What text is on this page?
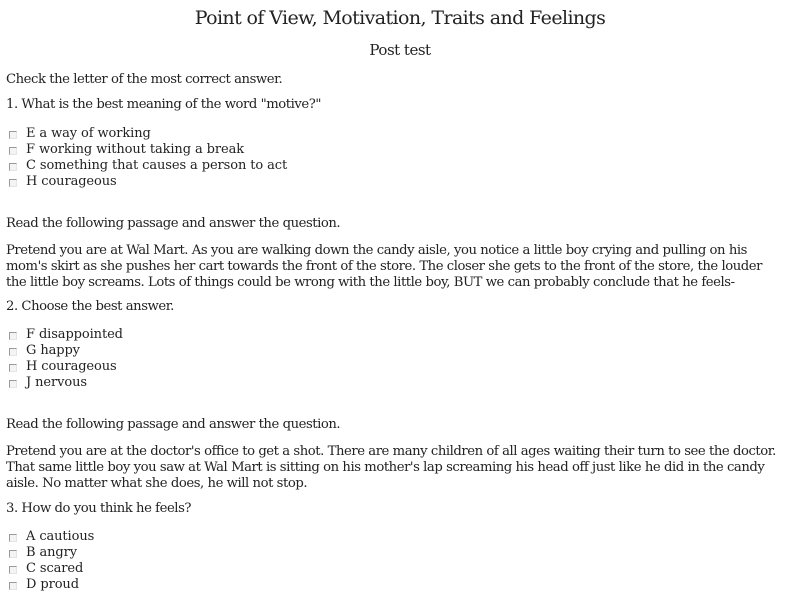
Point of View, Motivation, Traits and Feelings
Post test
Check the letter of the most correct answer.
1. What is the best meaning of the word "motive?"
E a way of working
F working without taking a break
C something that causes a person to act
H courageous
Read the following passage and answer the question.
Pretend you are at Wal Mart. As you are walking down the candy aisle, you notice a little boy crying and pulling on his
mom's skirt as she pushes her cart towards the front of the store. The closer she gets to the front of the store, the louder
the little boy screams. Lots of things could be wrong with the little boy, BUT we can probably conclude that he feels-
2. Choose the best answer.
F disappointed
G happy
H courageous
J nervous
Read the following passage and answer the question.
Pretend you are at the doctor's office to get a shot. There are many children of all ages waiting their turn to see the doctor.
That same little boy you saw at Wal Mart is sitting on his mother's lap screaming his head off just like he did in the candy
aisle. No matter what she does, he will not stop.
3. How do you think he feels?
A cautious
B angry
C scared
D proud
